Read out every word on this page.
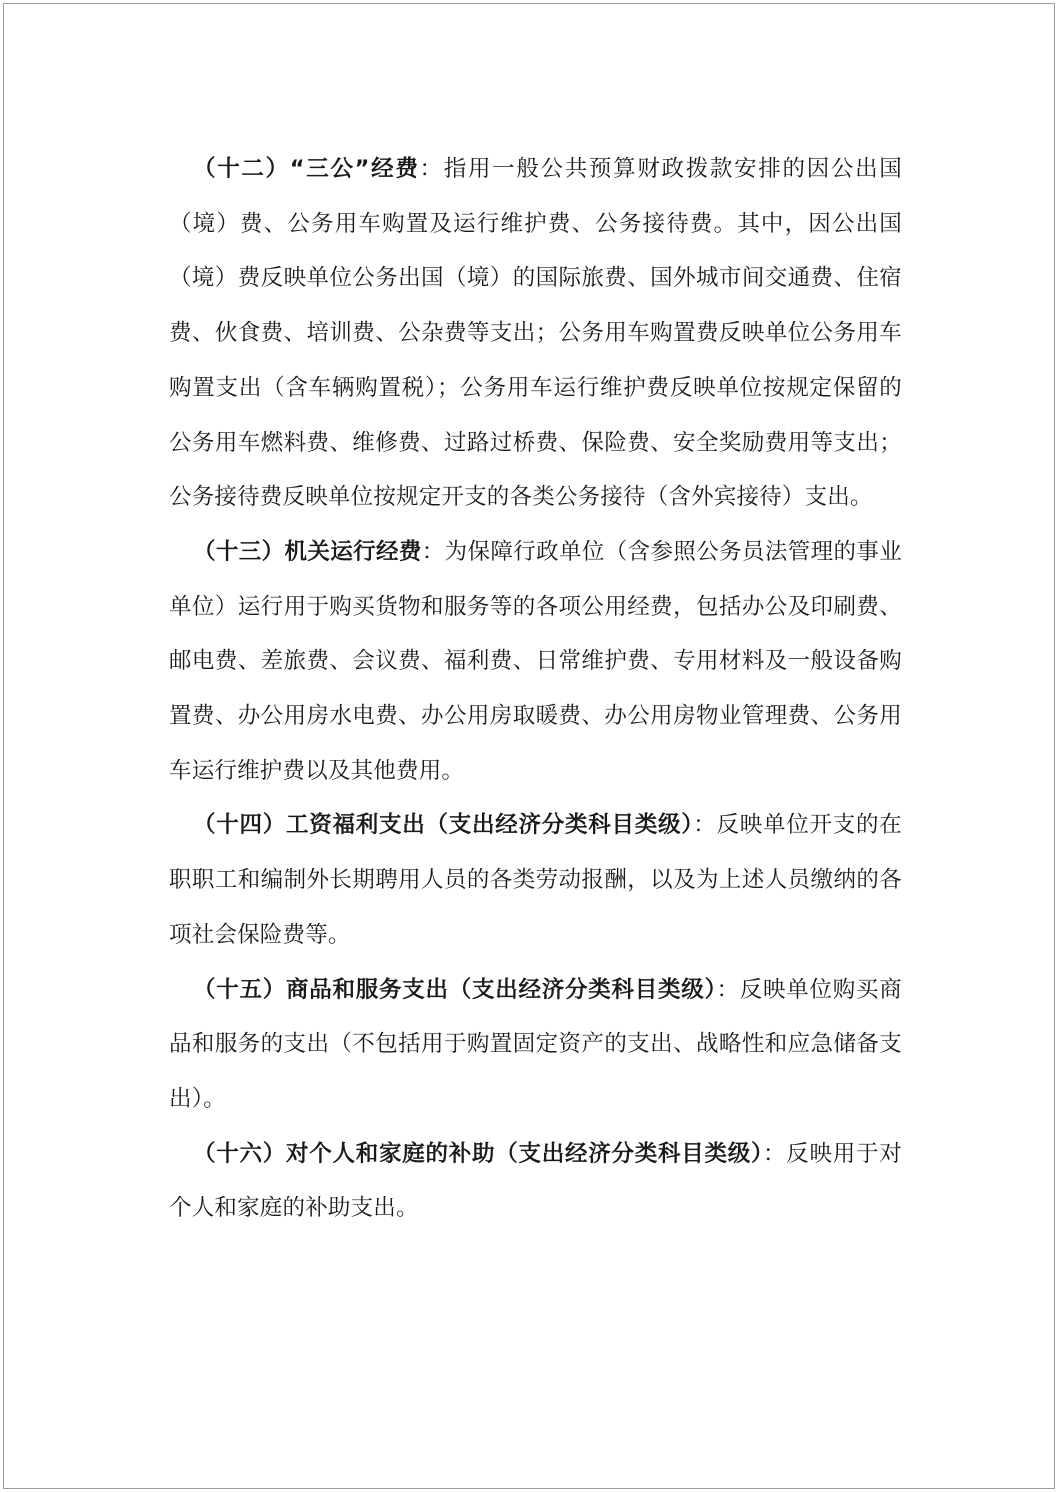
（十二）“三公”经费：指用一般公共预算财政拨款安排的因公出国（境）费、公务用车购置及运行维护费、公务接待费。其中，因公出国（境）费反映单位公务出国（境）的国际旅费、国外城市间交通费、住宿费、伙食费、培训费、公杂费等支出；公务用车购置费反映单位公务用车购置支出（含车辆购置税）；公务用车运行维护费反映单位按规定保留的公务用车燃料费、维修费、过路过桥费、保险费、安全奖励费用等支出；公务接待费反映单位按规定开支的各类公务接待（含外宾接待）支出。

（十三）机关运行经费：为保障行政单位（含参照公务员法管理的事业单位）运行用于购买货物和服务等的各项公用经费，包括办公及印刷费、邮电费、差旅费、会议费、福利费、日常维护费、专用材料及一般设备购置费、办公用房水电费、办公用房取暖费、办公用房物业管理费、公务用车运行维护费以及其他费用。

（十四）工资福利支出（支出经济分类科目类级）：反映单位开支的在职职工和编制外长期聘用人员的各类劳动报酬，以及为上述人员缴纳的各项社会保险费等。

（十五）商品和服务支出（支出经济分类科目类级）：反映单位购买商品和服务的支出（不包括用于购置固定资产的支出、战略性和应急储备支出）。

（十六）对个人和家庭的补助（支出经济分类科目类级）：反映用于对个人和家庭的补助支出。
